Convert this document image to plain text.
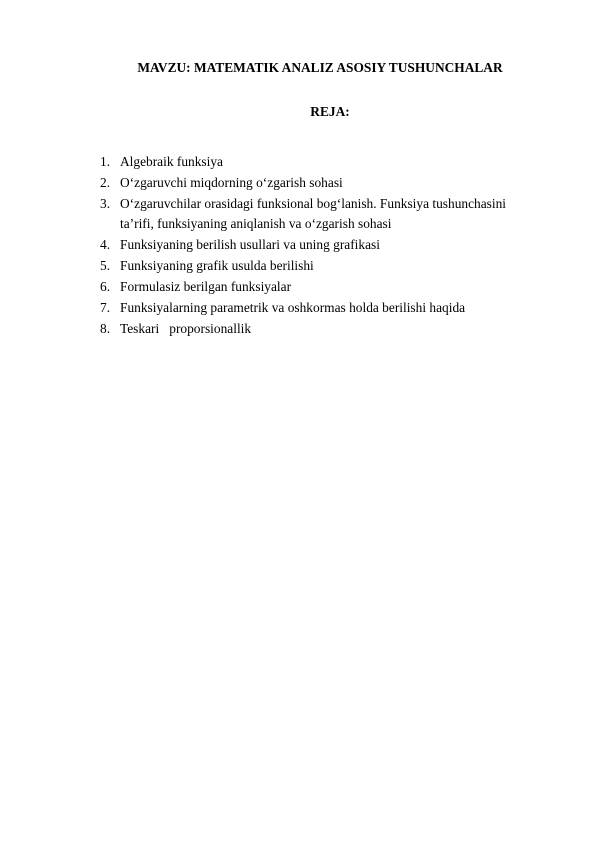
MAVZU: MATEMATIK ANALIZ ASOSIY TUSHUNCHALAR
REJA:
1. Algebraik funksiya
2. O‘zgaruvchi miqdorning o‘zgarish sohasi
3. O‘zgaruvchilar orasidagi funksional bog‘lanish. Funksiya tushunchasini
ta’rifi, funksiyaning aniqlanish va o‘zgarish sohasi
4. Funksiyaning berilish usullari va uning grafikasi
5. Funksiyaning grafik usulda berilishi
6. Formulasiz berilgan funksiyalar
7. Funksiyalarning parametrik va oshkormas holda berilishi haqida
8. Teskari   proporsionallik
